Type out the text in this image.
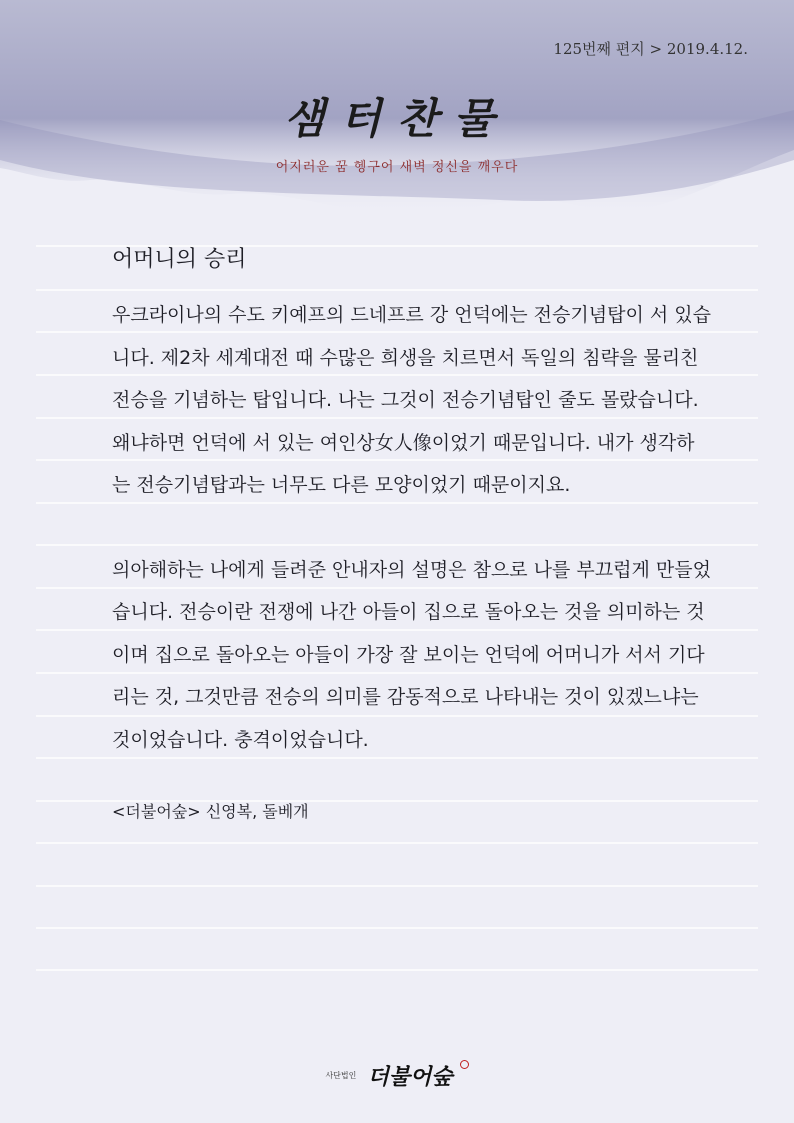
125번째 편지 > 2019.4.12.
샘터찬물
어지러운 꿈 헹구어 새벽 정신을 깨우다
어머니의 승리

우크라이나의 수도 키예프의 드네프르 강 언덕에는 전승기념탑이 서 있습니다. 제2차 세계대전 때 수많은 희생을 치르면서 독일의 침략을 물리친 전승을 기념하는 탑입니다. 나는 그것이 전승기념탑인 줄도 몰랐습니다. 왜냐하면 언덕에 서 있는 여인상女人像이었기 때문입니다. 내가 생각하는 전승기념탑과는 너무도 다른 모양이었기 때문이지요.

의아해하는 나에게 들려준 안내자의 설명은 참으로 나를 부끄럽게 만들었습니다. 전승이란 전쟁에 나간 아들이 집으로 돌아오는 것을 의미하는 것이며 집으로 돌아오는 아들이 가장 잘 보이는 언덕에 어머니가 서서 기다리는 것, 그것만큼 전승의 의미를 감동적으로 나타내는 것이 있겠느냐는 것이었습니다. 충격이었습니다.

<더불어숲> 신영복, 돌베개
사단법인 더불어숲
